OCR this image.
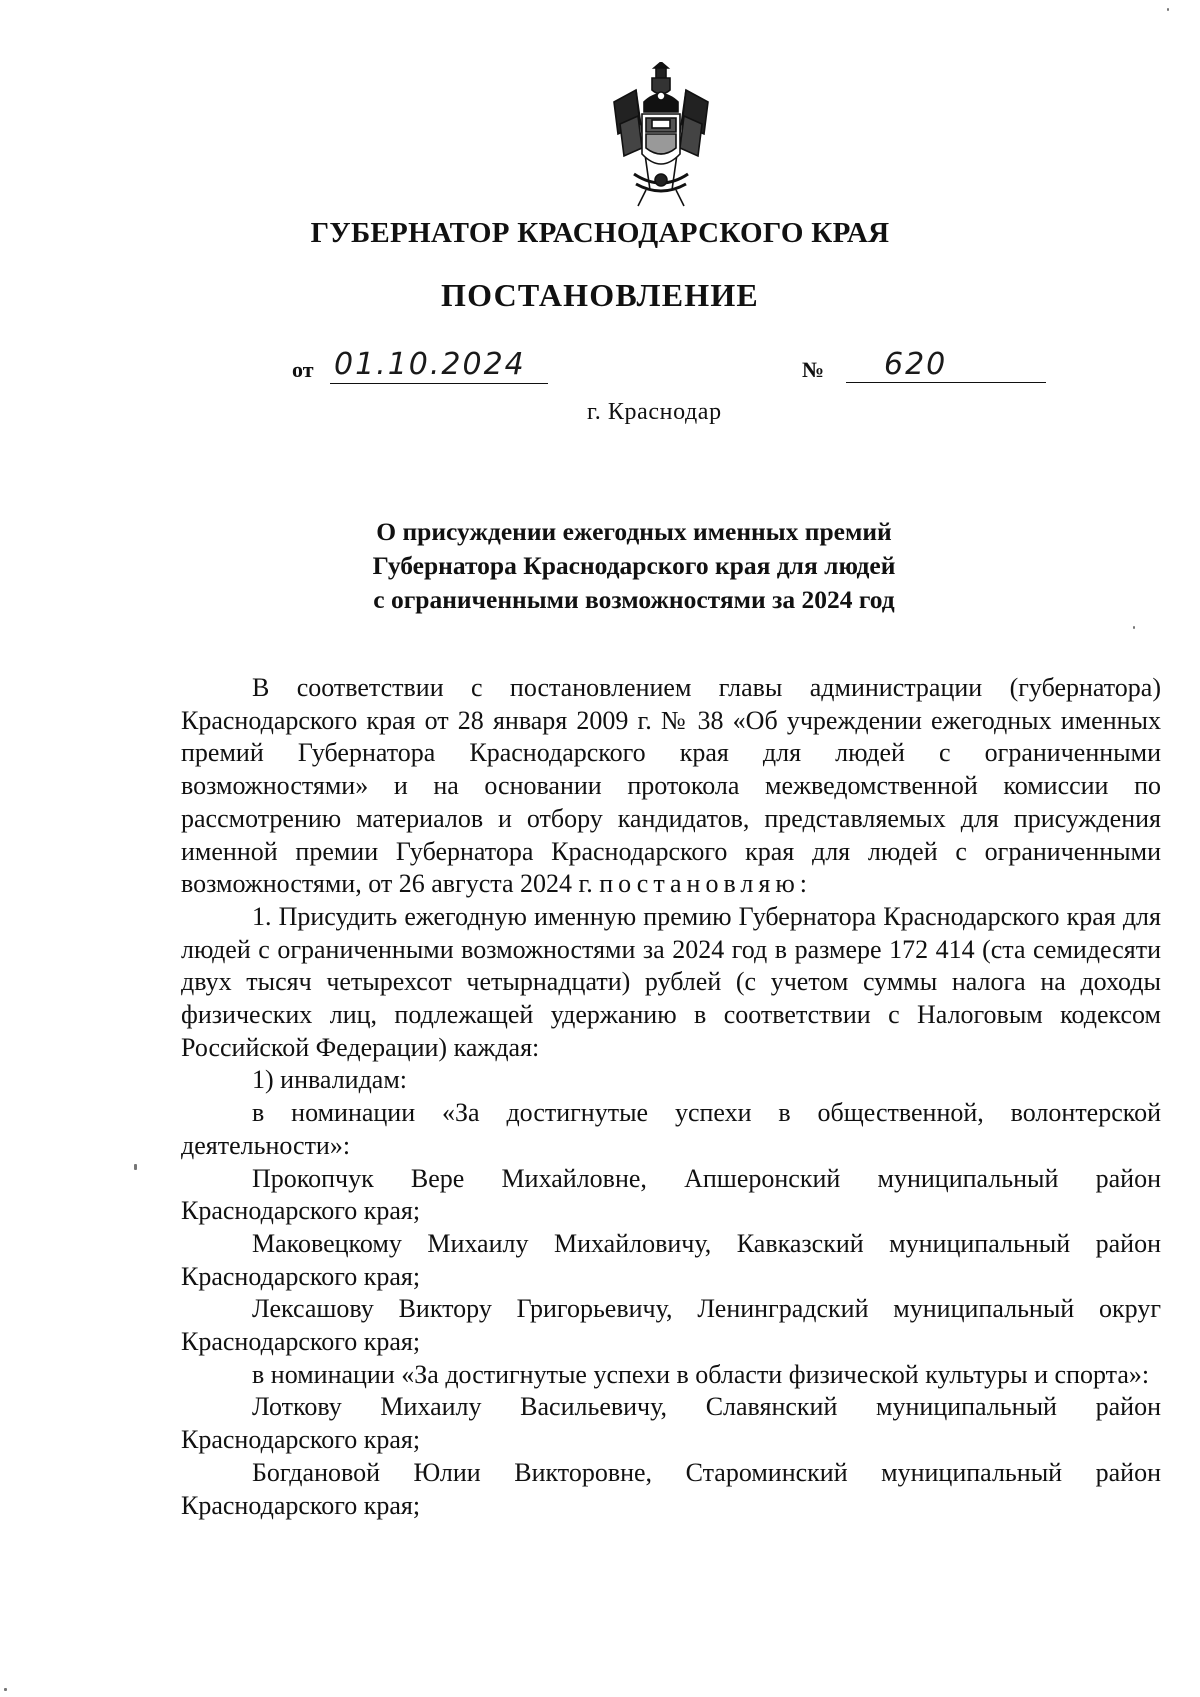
ГУБЕРНАТОР КРАСНОДАРСКОГО КРАЯ
ПОСТАНОВЛЕНИЕ
от 01.10.2024	№	620
г. Краснодар
О присуждении ежегодных именных премий
Губернатора Краснодарского края для людей
с ограниченными возможностями за 2024 год

В соответствии с постановлением главы администрации (губернатора) Краснодарского края от 28 января 2009 г. № 38 «Об учреждении ежегодных именных премий Губернатора Краснодарского края для людей с ограниченными возможностями» и на основании протокола межведомственной комиссии по рассмотрению материалов и отбору кандидатов, представляемых для присуждения именной премии Губернатора Краснодарского края для людей с ограниченными возможностями, от 26 августа 2024 г. постановляю:

1. Присудить ежегодную именную премию Губернатора Краснодарского края для людей с ограниченными возможностями за 2024 год в размере 172 414 (ста семидесяти двух тысяч четырехсот четырнадцати) рублей (с учетом суммы налога на доходы физических лиц, подлежащей удержанию в соответствии с Налоговым кодексом Российской Федерации) каждая:

1) инвалидам:

в номинации «За достигнутые успехи в общественной, волонтерской деятельности»:

Прокопчук Вере Михайловне, Апшеронский муниципальный район Краснодарского края;

Маковецкому Михаилу Михайловичу, Кавказский муниципальный район Краснодарского края;

Лексашову Виктору Григорьевичу, Ленинградский муниципальный округ Краснодарского края;

в номинации «За достигнутые успехи в области физической культуры и спорта»:

Лоткову Михаилу Васильевичу, Славянский муниципальный район Краснодарского края;

Богдановой Юлии Викторовне, Староминский муниципальный район Краснодарского края;
